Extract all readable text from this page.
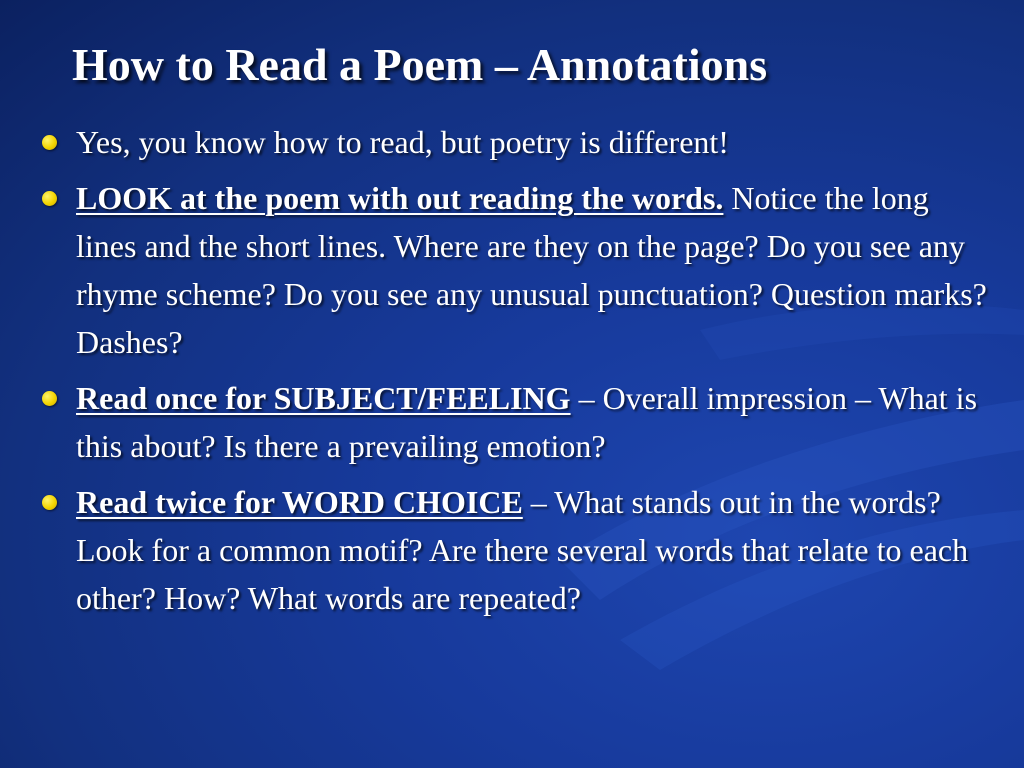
How to Read a Poem – Annotations
Yes, you know how to read, but poetry is different!
LOOK at the poem with out reading the words. Notice the long lines and the short lines. Where are they on the page? Do you see any rhyme scheme? Do you see any unusual punctuation? Question marks? Dashes?
Read once for SUBJECT/FEELING – Overall impression – What is this about? Is there a prevailing emotion?
Read twice for WORD CHOICE – What stands out in the words? Look for a common motif? Are there several words that relate to each other? How? What words are repeated?
